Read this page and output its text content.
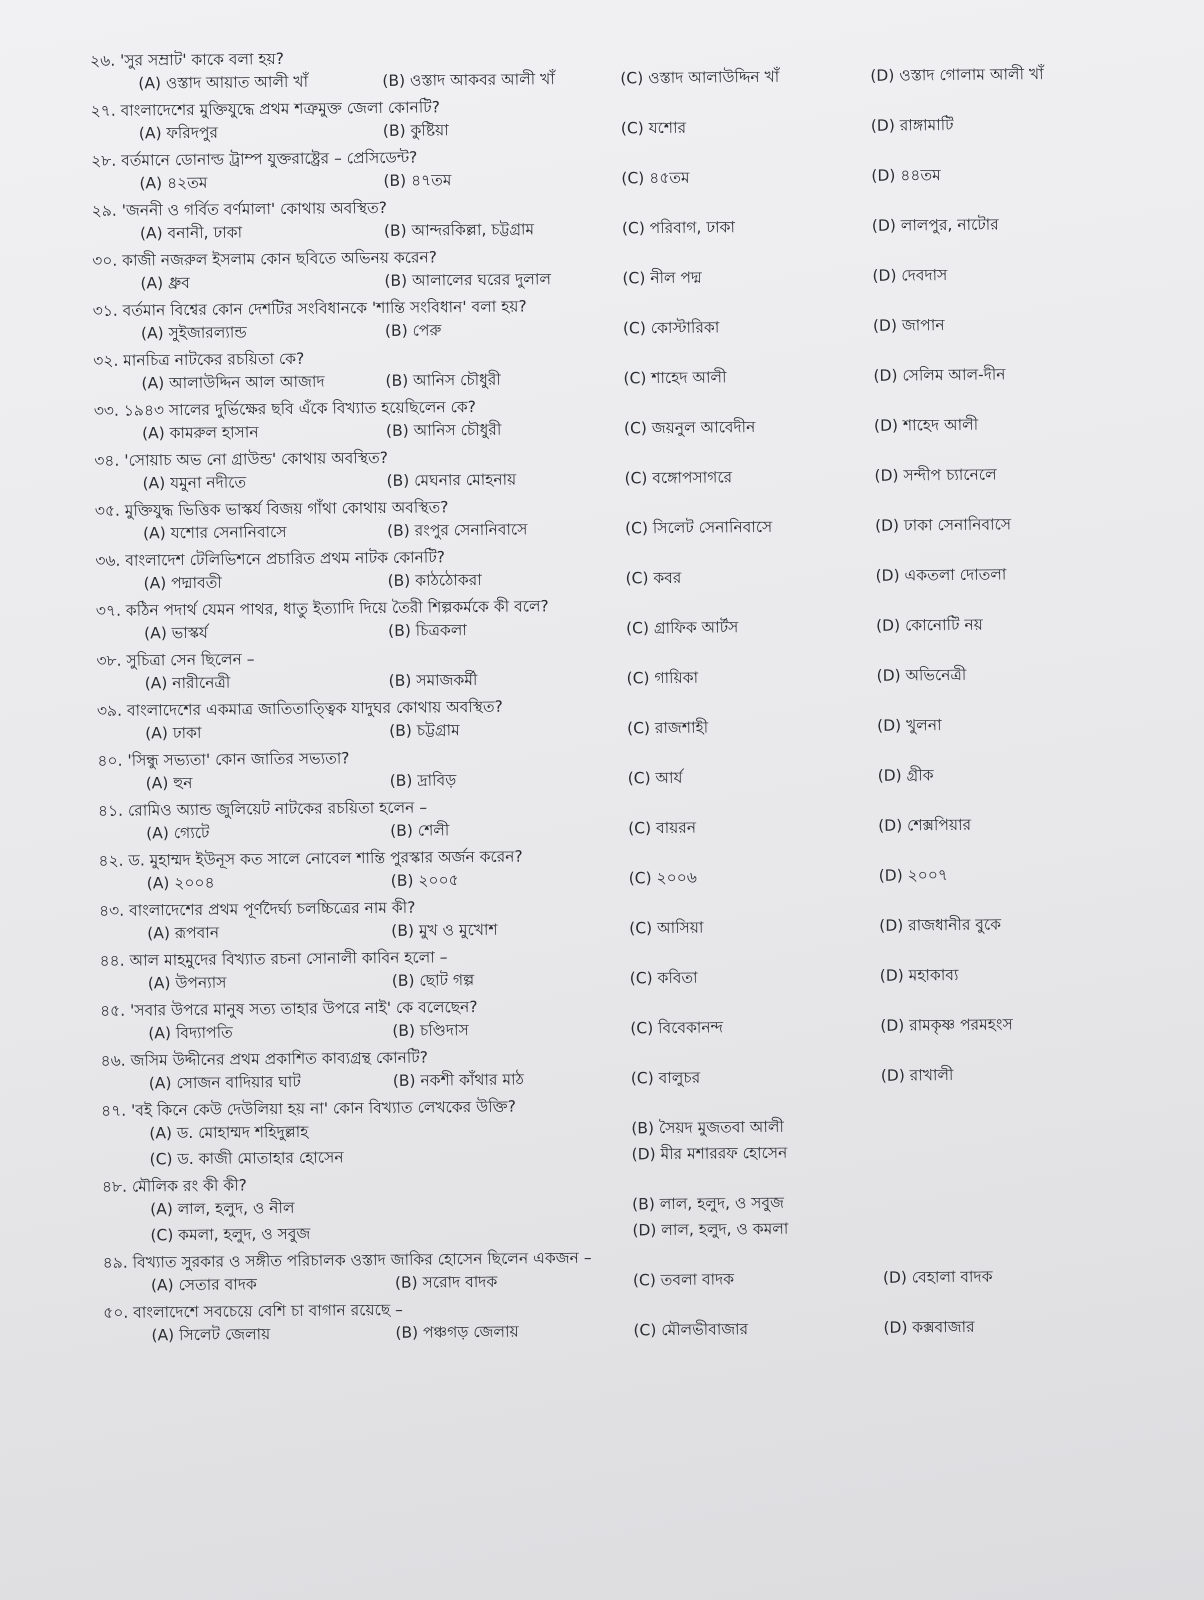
২৬. 'সুর সম্রাট' কাকে বলা হয়?
(A) ওস্তাদ আয়াত আলী খাঁ	(B) ওস্তাদ আকবর আলী খাঁ	(C) ওস্তাদ আলাউদ্দিন খাঁ	(D) ওস্তাদ গোলাম আলী খাঁ
২৭. বাংলাদেশের মুক্তিযুদ্ধে প্রথম শত্রুমুক্ত জেলা কোনটি?
(A) ফরিদপুর	(B) কুষ্টিয়া	(C) যশোর	(D) রাঙ্গামাটি
২৮. বর্তমানে ডোনাল্ড ট্রাম্প যুক্তরাষ্ট্রের – প্রেসিডেন্ট?
(A) ৪২তম	(B) ৪৭তম	(C) ৪৫তম	(D) ৪৪তম
২৯. 'জননী ও গর্বিত বর্ণমালা' কোথায় অবস্থিত?
(A) বনানী, ঢাকা	(B) আন্দরকিল্লা, চট্টগ্রাম	(C) পরিবাগ, ঢাকা	(D) লালপুর, নাটোর
৩০. কাজী নজরুল ইসলাম কোন ছবিতে অভিনয় করেন?
(A) ধ্রুব	(B) আলালের ঘরের দুলাল	(C) নীল পদ্ম	(D) দেবদাস
৩১. বর্তমান বিশ্বের কোন দেশটির সংবিধানকে 'শান্তি সংবিধান' বলা হয়?
(A) সুইজারল্যান্ড	(B) পেরু	(C) কোস্টারিকা	(D) জাপান
৩২. মানচিত্র নাটকের রচয়িতা কে?
(A) আলাউদ্দিন আল আজাদ	(B) আনিস চৌধুরী	(C) শাহেদ আলী	(D) সেলিম আল-দীন
৩৩. ১৯৪৩ সালের দুর্ভিক্ষের ছবি এঁকে বিখ্যাত হয়েছিলেন কে?
(A) কামরুল হাসান	(B) আনিস চৌধুরী	(C) জয়নুল আবেদীন	(D) শাহেদ আলী
৩৪. 'সোয়াচ অভ নো গ্রাউন্ড' কোথায় অবস্থিত?
(A) যমুনা নদীতে	(B) মেঘনার মোহনায়	(C) বঙ্গোপসাগরে	(D) সন্দীপ চ্যানেলে
৩৫. মুক্তিযুদ্ধ ভিত্তিক ভাস্কর্য বিজয় গাঁথা কোথায় অবস্থিত?
(A) যশোর সেনানিবাসে	(B) রংপুর সেনানিবাসে	(C) সিলেট সেনানিবাসে	(D) ঢাকা সেনানিবাসে
৩৬. বাংলাদেশ টেলিভিশনে প্রচারিত প্রথম নাটক কোনটি?
(A) পদ্মাবতী	(B) কাঠঠোকরা	(C) কবর	(D) একতলা দোতলা
৩৭. কঠিন পদার্থ যেমন পাথর, ধাতু ইত্যাদি দিয়ে তৈরী শিল্পকর্মকে কী বলে?
(A) ভাস্কর্য	(B) চিত্রকলা	(C) গ্রাফিক আর্টস	(D) কোনোটি নয়
৩৮. সুচিত্রা সেন ছিলেন –
(A) নারীনেত্রী	(B) সমাজকর্মী	(C) গায়িকা	(D) অভিনেত্রী
৩৯. বাংলাদেশের একমাত্র জাতিতাত্ত্বিক যাদুঘর কোথায় অবস্থিত?
(A) ঢাকা	(B) চট্টগ্রাম	(C) রাজশাহী	(D) খুলনা
৪০. 'সিন্ধু সভ্যতা' কোন জাতির সভ্যতা?
(A) হুন	(B) দ্রাবিড়	(C) আর্য	(D) গ্রীক
৪১. রোমিও অ্যান্ড জুলিয়েট নাটকের রচয়িতা হলেন –
(A) গ্যেটে	(B) শেলী	(C) বায়রন	(D) শেক্সপিয়ার
৪২. ড. মুহাম্মদ ইউনূস কত সালে নোবেল শান্তি পুরস্কার অর্জন করেন?
(A) ২০০৪	(B) ২০০৫	(C) ২০০৬	(D) ২০০৭
৪৩. বাংলাদেশের প্রথম পূর্ণদৈর্ঘ্য চলচ্চিত্রের নাম কী?
(A) রূপবান	(B) মুখ ও মুখোশ	(C) আসিয়া	(D) রাজধানীর বুকে
৪৪. আল মাহমুদের বিখ্যাত রচনা সোনালী কাবিন হলো –
(A) উপন্যাস	(B) ছোট গল্প	(C) কবিতা	(D) মহাকাব্য
৪৫. 'সবার উপরে মানুষ সত্য তাহার উপরে নাই' কে বলেছেন?
(A) বিদ্যাপতি	(B) চণ্ডিদাস	(C) বিবেকানন্দ	(D) রামকৃষ্ণ পরমহংস
৪৬. জসিম উদ্দীনের প্রথম প্রকাশিত কাব্যগ্রন্থ কোনটি?
(A) সোজন বাদিয়ার ঘাট	(B) নকশী কাঁথার মাঠ	(C) বালুচর	(D) রাখালী
৪৭. 'বই কিনে কেউ দেউলিয়া হয় না' কোন বিখ্যাত লেখকের উক্তি?
(A) ড. মোহাম্মদ শহিদুল্লাহ	(B) সৈয়দ মুজতবা আলী
(C) ড. কাজী মোতাহার হোসেন	(D) মীর মশাররফ হোসেন
৪৮. মৌলিক রং কী কী?
(A) লাল, হলুদ, ও নীল	(B) লাল, হলুদ, ও সবুজ
(C) কমলা, হলুদ, ও সবুজ	(D) লাল, হলুদ, ও কমলা
৪৯. বিখ্যাত সুরকার ও সঙ্গীত পরিচালক ওস্তাদ জাকির হোসেন ছিলেন একজন –
(A) সেতার বাদক	(B) সরোদ বাদক	(C) তবলা বাদক	(D) বেহালা বাদক
৫০. বাংলাদেশে সবচেয়ে বেশি চা বাগান রয়েছে –
(A) সিলেট জেলায়	(B) পঞ্চগড় জেলায়	(C) মৌলভীবাজার	(D) কক্সবাজার
